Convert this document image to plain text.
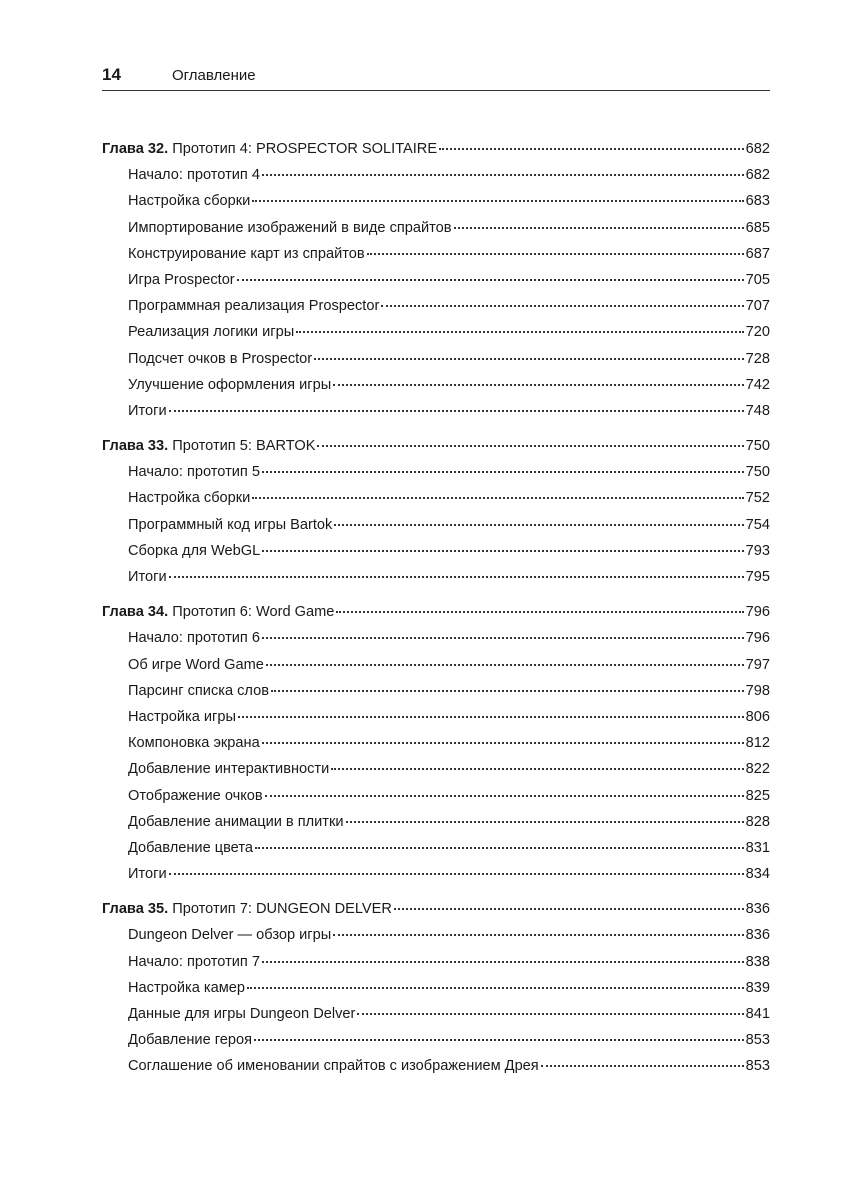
14	Оглавление
Глава 32. Прототип 4: PROSPECTOR SOLITAIRE	682
Начало: прототип 4	682
Настройка сборки	683
Импортирование изображений в виде спрайтов	685
Конструирование карт из спрайтов	687
Игра Prospector	705
Программная реализация Prospector	707
Реализация логики игры	720
Подсчет очков в Prospector	728
Улучшение оформления игры	742
Итоги	748
Глава 33. Прототип 5: BARTOK	750
Начало: прототип 5	750
Настройка сборки	752
Программный код игры Bartok	754
Сборка для WebGL	793
Итоги	795
Глава 34. Прототип 6: Word Game	796
Начало: прототип 6	796
Об игре Word Game	797
Парсинг списка слов	798
Настройка игры	806
Компоновка экрана	812
Добавление интерактивности	822
Отображение очков	825
Добавление анимации в плитки	828
Добавление цвета	831
Итоги	834
Глава 35. Прототип 7: DUNGEON DELVER	836
Dungeon Delver — обзор игры	836
Начало: прототип 7	838
Настройка камер	839
Данные для игры Dungeon Delver	841
Добавление героя	853
Соглашение об именовании спрайтов с изображением Дрея	853
